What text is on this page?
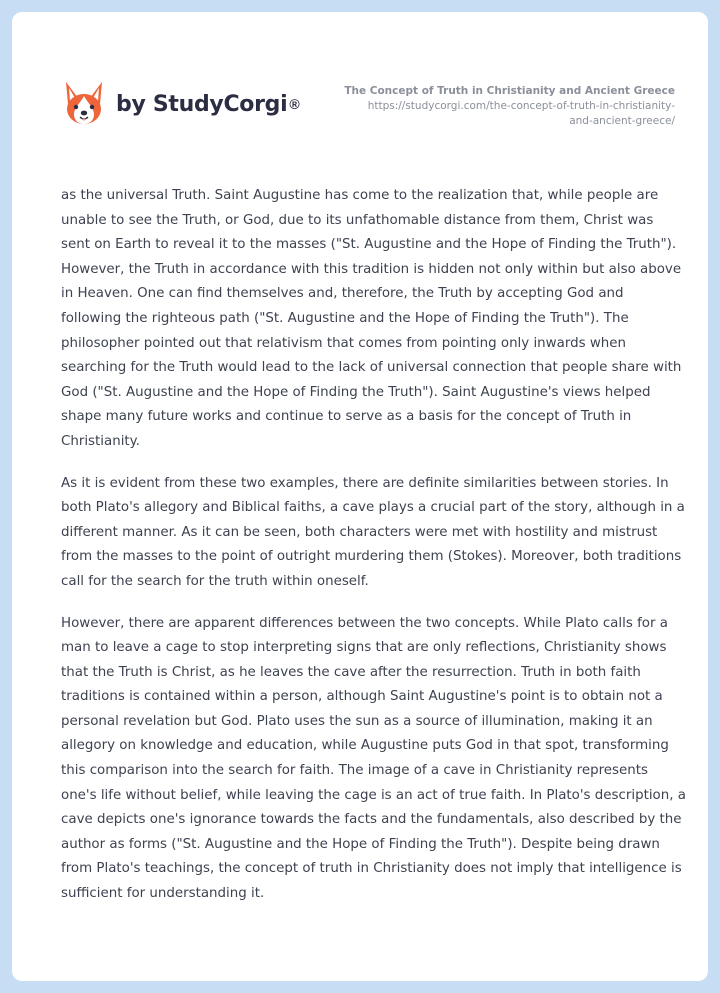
by StudyCorgi ®
The Concept of Truth in Christianity and Ancient Greece
https://studycorgi.com/the-concept-of-truth-in-christianity-
and-ancient-greece/

as the universal Truth. Saint Augustine has come to the realization that, while people are unable to see the Truth, or God, due to its unfathomable distance from them, Christ was sent on Earth to reveal it to the masses ("St. Augustine and the Hope of Finding the Truth"). However, the Truth in accordance with this tradition is hidden not only within but also above in Heaven. One can find themselves and, therefore, the Truth by accepting God and following the righteous path ("St. Augustine and the Hope of Finding the Truth"). The philosopher pointed out that relativism that comes from pointing only inwards when searching for the Truth would lead to the lack of universal connection that people share with God ("St. Augustine and the Hope of Finding the Truth"). Saint Augustine's views helped shape many future works and continue to serve as a basis for the concept of Truth in Christianity.

As it is evident from these two examples, there are definite similarities between stories. In both Plato's allegory and Biblical faiths, a cave plays a crucial part of the story, although in a different manner. As it can be seen, both characters were met with hostility and mistrust from the masses to the point of outright murdering them (Stokes). Moreover, both traditions call for the search for the truth within oneself.

However, there are apparent differences between the two concepts. While Plato calls for a man to leave a cage to stop interpreting signs that are only reflections, Christianity shows that the Truth is Christ, as he leaves the cave after the resurrection. Truth in both faith traditions is contained within a person, although Saint Augustine's point is to obtain not a personal revelation but God. Plato uses the sun as a source of illumination, making it an allegory on knowledge and education, while Augustine puts God in that spot, transforming this comparison into the search for faith. The image of a cave in Christianity represents one's life without belief, while leaving the cage is an act of true faith. In Plato's description, a cave depicts one's ignorance towards the facts and the fundamentals, also described by the author as forms ("St. Augustine and the Hope of Finding the Truth"). Despite being drawn from Plato's teachings, the concept of truth in Christianity does not imply that intelligence is sufficient for understanding it.
